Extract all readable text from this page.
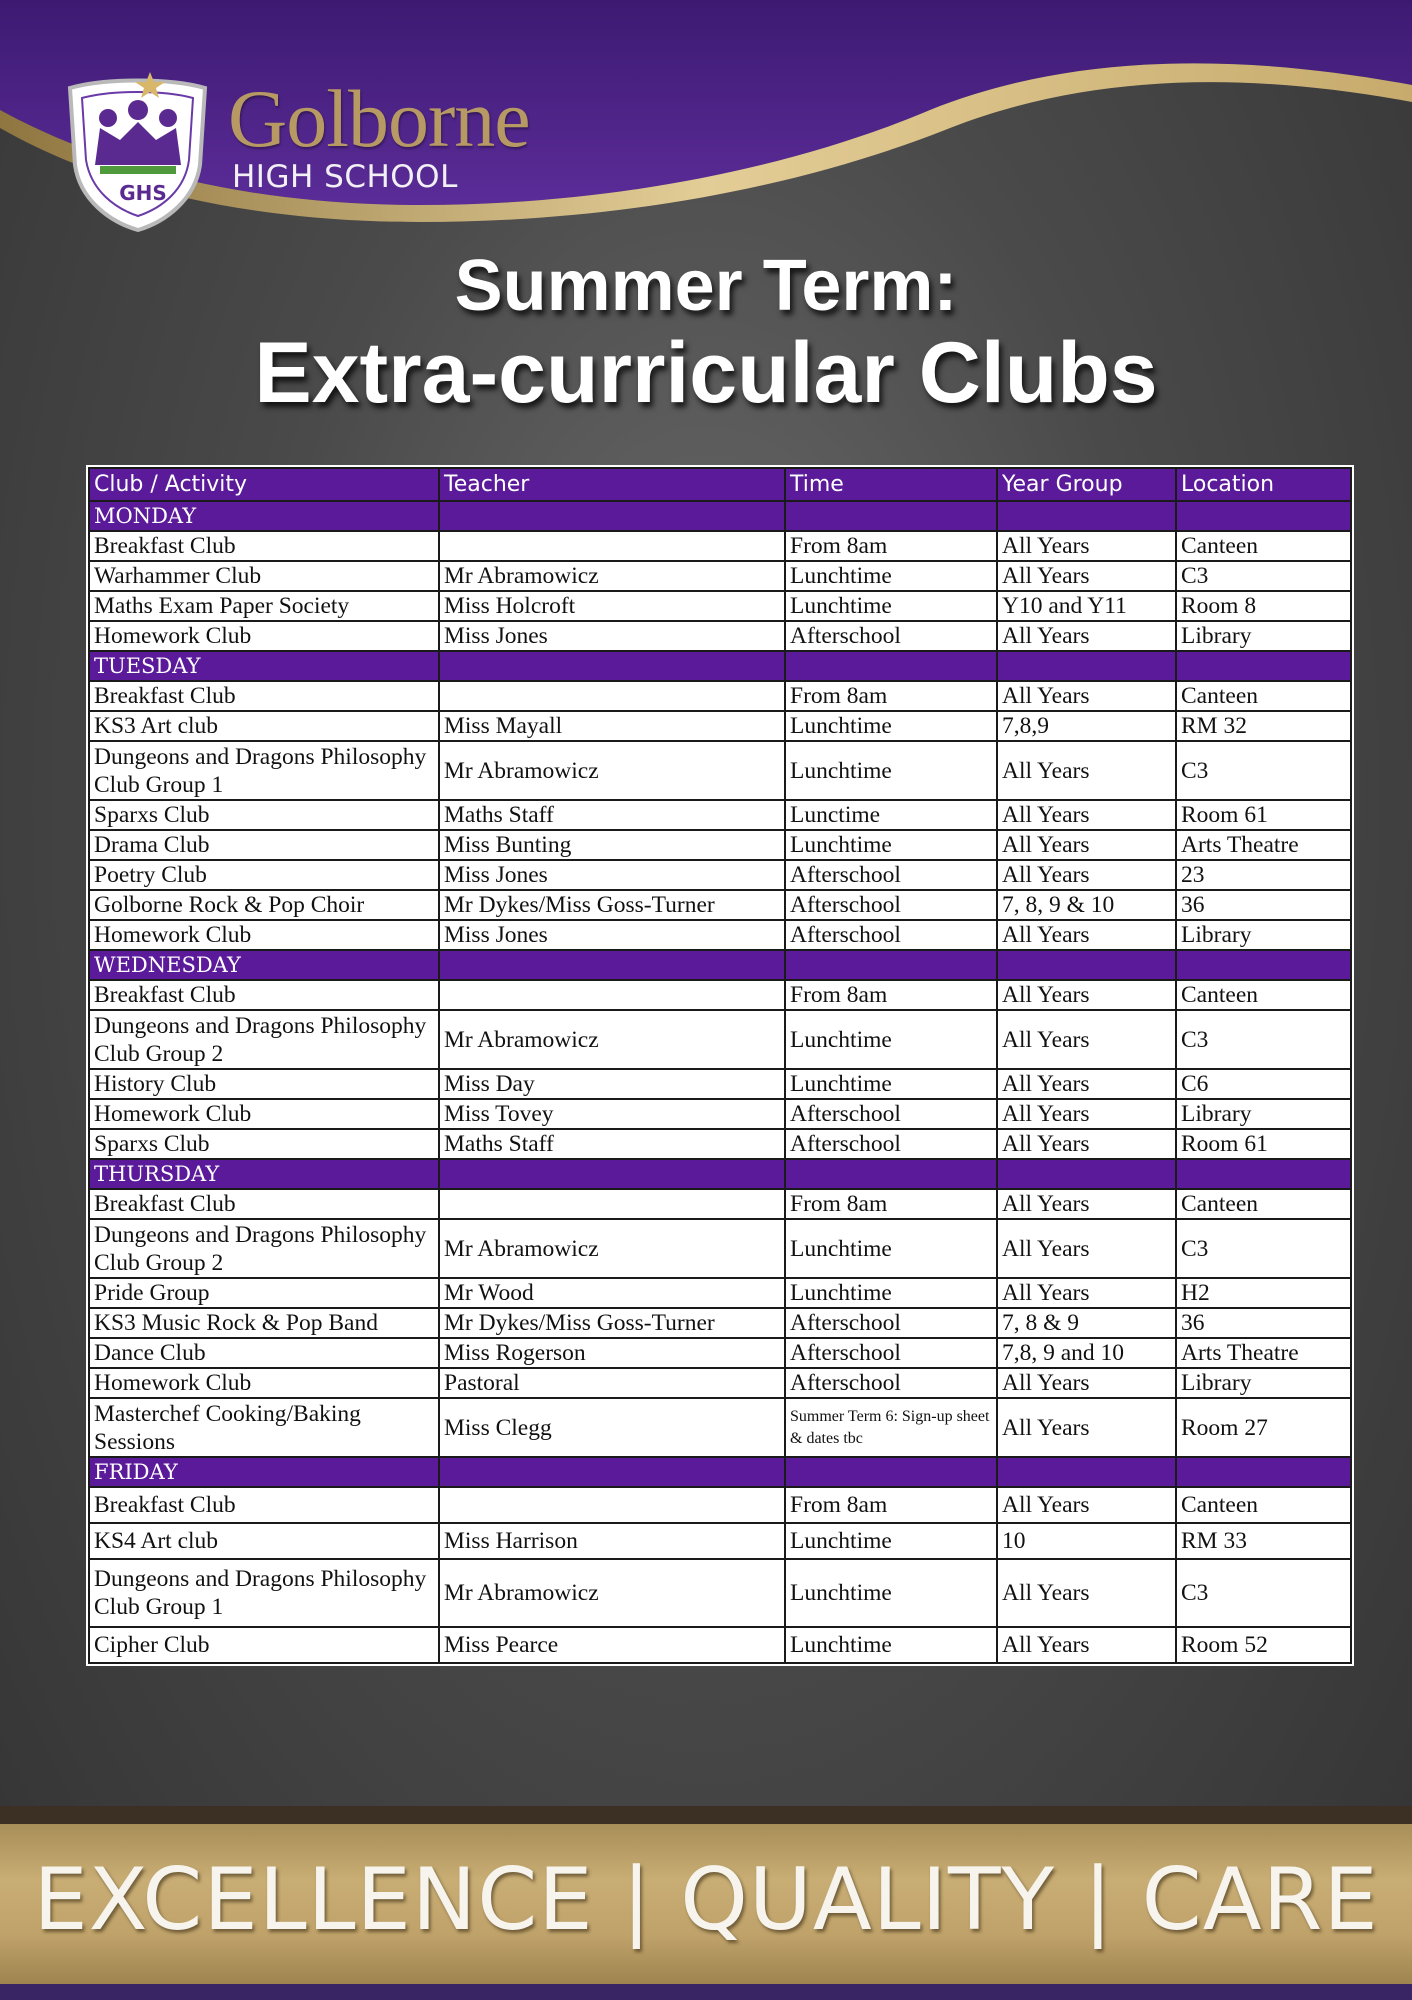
GHS
Golborne
HIGH SCHOOL
Summer Term:
Extra-curricular Clubs
Club / Activity	Teacher	Time	Year Group	Location
MONDAY				
Breakfast Club		From 8am	All Years	Canteen
Warhammer Club	Mr Abramowicz	Lunchtime	All Years	C3
Maths Exam Paper Society	Miss Holcroft	Lunchtime	Y10 and Y11	Room 8
Homework Club	Miss Jones	Afterschool	All Years	Library
TUESDAY				
Breakfast Club		From 8am	All Years	Canteen
KS3 Art club	Miss Mayall	Lunchtime	7,8,9	RM 32
Dungeons and Dragons Philosophy Club Group 1	Mr Abramowicz	Lunchtime	All Years	C3
Sparxs Club	Maths Staff	Lunctime	All Years	Room 61
Drama Club	Miss Bunting	Lunchtime	All Years	Arts Theatre
Poetry Club	Miss Jones	Afterschool	All Years	23
Golborne Rock & Pop Choir	Mr Dykes/Miss Goss-Turner	Afterschool	7, 8, 9 & 10	36
Homework Club	Miss Jones	Afterschool	All Years	Library
WEDNESDAY				
Breakfast Club		From 8am	All Years	Canteen
Dungeons and Dragons Philosophy Club Group 2	Mr Abramowicz	Lunchtime	All Years	C3
History Club	Miss Day	Lunchtime	All Years	C6
Homework Club	Miss Tovey	Afterschool	All Years	Library
Sparxs Club	Maths Staff	Afterschool	All Years	Room 61
THURSDAY				
Breakfast Club		From 8am	All Years	Canteen
Dungeons and Dragons Philosophy Club Group 2	Mr Abramowicz	Lunchtime	All Years	C3
Pride Group	Mr Wood	Lunchtime	All Years	H2
KS3 Music Rock & Pop Band	Mr Dykes/Miss Goss-Turner	Afterschool	7, 8 & 9	36
Dance Club	Miss Rogerson	Afterschool	7,8, 9 and 10	Arts Theatre
Homework Club	Pastoral	Afterschool	All Years	Library
Masterchef Cooking/Baking Sessions	Miss Clegg	Summer Term 6: Sign-up sheet & dates tbc	All Years	Room 27
FRIDAY				
Breakfast Club		From 8am	All Years	Canteen
KS4 Art club	Miss Harrison	Lunchtime	10	RM 33
Dungeons and Dragons Philosophy Club Group 1	Mr Abramowicz	Lunchtime	All Years	C3
Cipher Club	Miss Pearce	Lunchtime	All Years	Room 52
EXCELLENCE | QUALITY | CARE
